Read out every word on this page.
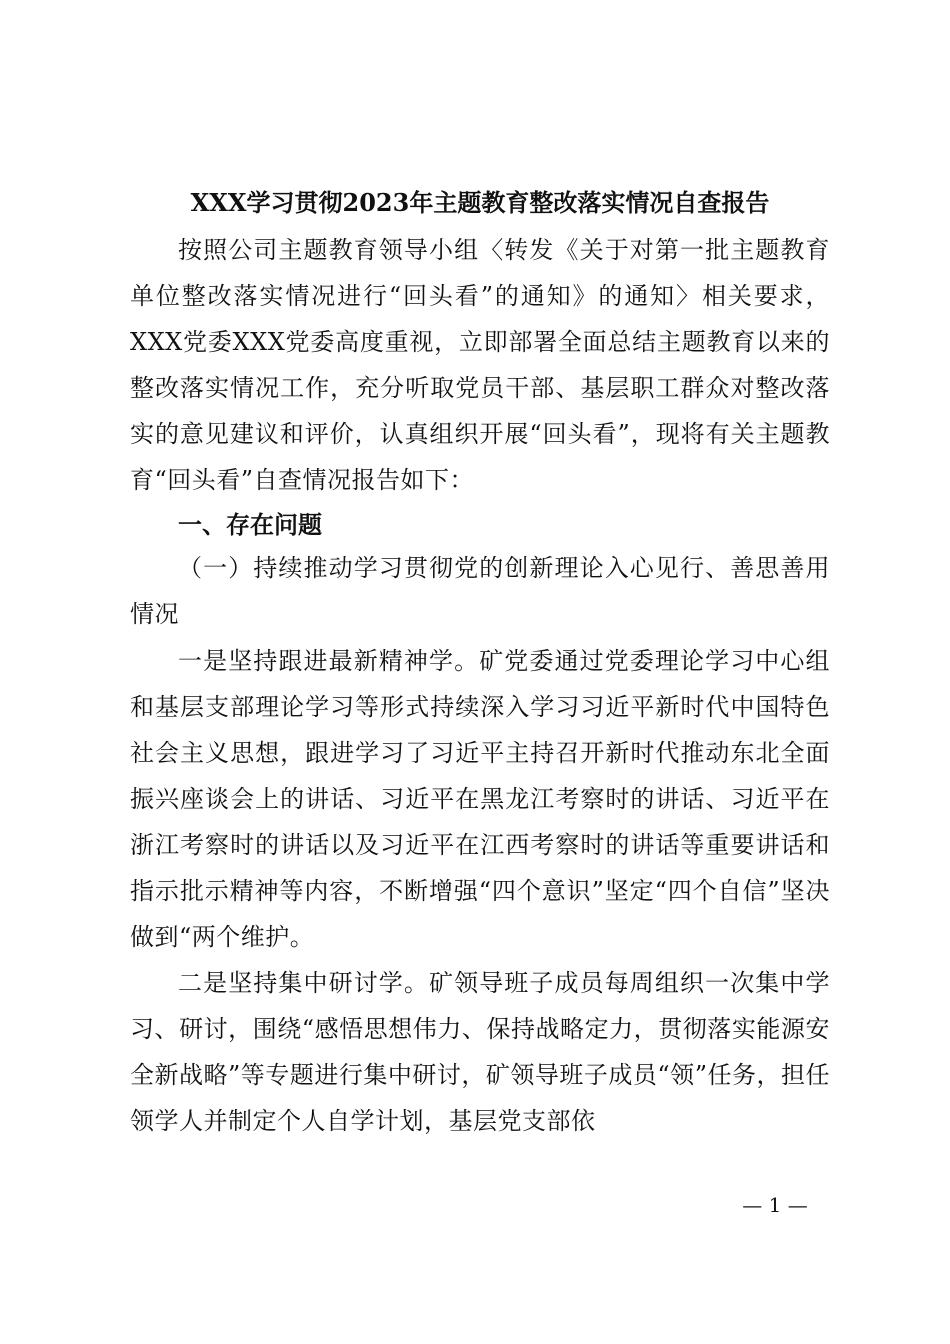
XXX学习贯彻2023年主题教育整改落实情况自查报告

按照公司主题教育领导小组〈转发《关于对第一批主题教育单位整改落实情况进行“回头看”的通知》的通知〉相关要求，XXX党委XXX党委高度重视，立即部署全面总结主题教育以来的整改落实情况工作，充分听取党员干部、基层职工群众对整改落实的意见建议和评价，认真组织开展“回头看”，现将有关主题教育“回头看”自查情况报告如下：

一、存在问题

（一）持续推动学习贯彻党的创新理论入心见行、善思善用情况

一是坚持跟进最新精神学。矿党委通过党委理论学习中心组和基层支部理论学习等形式持续深入学习习近平新时代中国特色社会主义思想，跟进学习了习近平主持召开新时代推动东北全面振兴座谈会上的讲话、习近平在黑龙江考察时的讲话、习近平在浙江考察时的讲话以及习近平在江西考察时的讲话等重要讲话和指示批示精神等内容，不断增强“四个意识”坚定“四个自信”坚决做到“两个维护。

二是坚持集中研讨学。矿领导班子成员每周组织一次集中学习、研讨，围绕“感悟思想伟力、保持战略定力，贯彻落实能源安全新战略”等专题进行集中研讨，矿领导班子成员“领”任务，担任领学人并制定个人自学计划，基层党支部依

— 1 —
